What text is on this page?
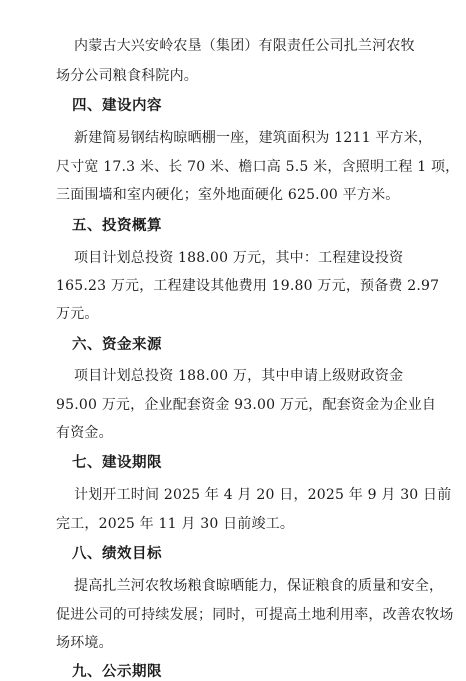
内蒙古大兴安岭农垦（集团）有限责任公司扎兰河农牧
场分公司粮食科院内。
四、建设内容
新建简易钢结构晾晒棚一座，建筑面积为 1211 平方米，
尺寸宽 17.3 米、长 70 米、檐口高 5.5 米，含照明工程 1 项，
三面围墙和室内硬化；室外地面硬化 625.00 平方米。
五、投资概算
项目计划总投资 188.00 万元，其中：工程建设投资
165.23 万元，工程建设其他费用 19.80 万元，预备费 2.97
万元。
六、资金来源
项目计划总投资 188.00 万，其中申请上级财政资金
95.00 万元，企业配套资金 93.00 万元，配套资金为企业自
有资金。
七、建设期限
计划开工时间 2025 年 4 月 20 日，2025 年 9 月 30 日前
完工，2025 年 11 月 30 日前竣工。
八、绩效目标
提高扎兰河农牧场粮食晾晒能力，保证粮食的质量和安全，
促进公司的可持续发展；同时，可提高土地利用率，改善农牧场
场环境。
九、公示期限
